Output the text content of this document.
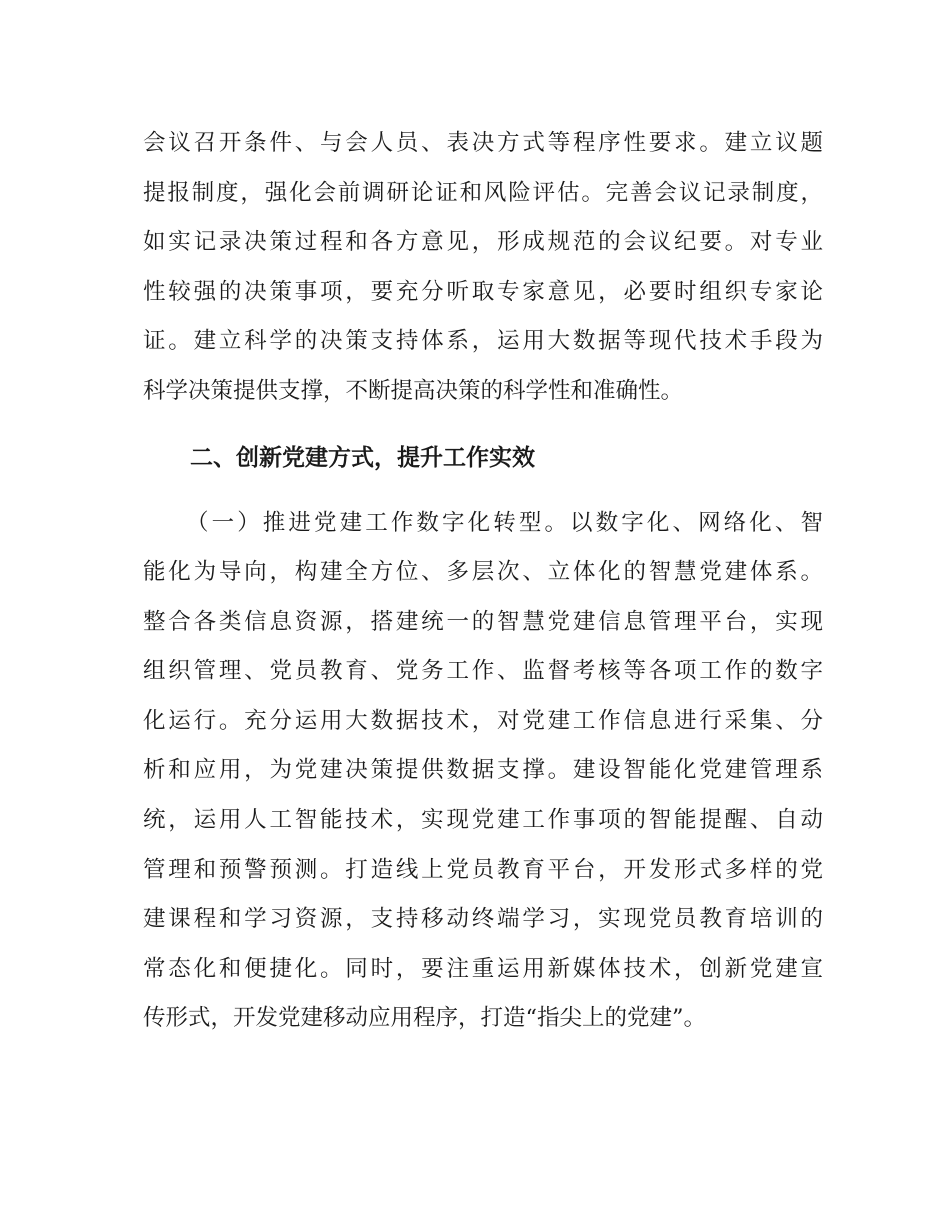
会议召开条件、与会人员、表决方式等程序性要求。建立议题
提报制度，强化会前调研论证和风险评估。完善会议记录制度，
如实记录决策过程和各方意见，形成规范的会议纪要。对专业
性较强的决策事项，要充分听取专家意见，必要时组织专家论
证。建立科学的决策支持体系，运用大数据等现代技术手段为
科学决策提供支撑，不断提高决策的科学性和准确性。
二、创新党建方式，提升工作实效
（一）推进党建工作数字化转型。以数字化、网络化、智
能化为导向，构建全方位、多层次、立体化的智慧党建体系。
整合各类信息资源，搭建统一的智慧党建信息管理平台，实现
组织管理、党员教育、党务工作、监督考核等各项工作的数字
化运行。充分运用大数据技术，对党建工作信息进行采集、分
析和应用，为党建决策提供数据支撑。建设智能化党建管理系
统，运用人工智能技术，实现党建工作事项的智能提醒、自动
管理和预警预测。打造线上党员教育平台，开发形式多样的党
建课程和学习资源，支持移动终端学习，实现党员教育培训的
常态化和便捷化。同时，要注重运用新媒体技术，创新党建宣
传形式，开发党建移动应用程序，打造“指尖上的党建”。
